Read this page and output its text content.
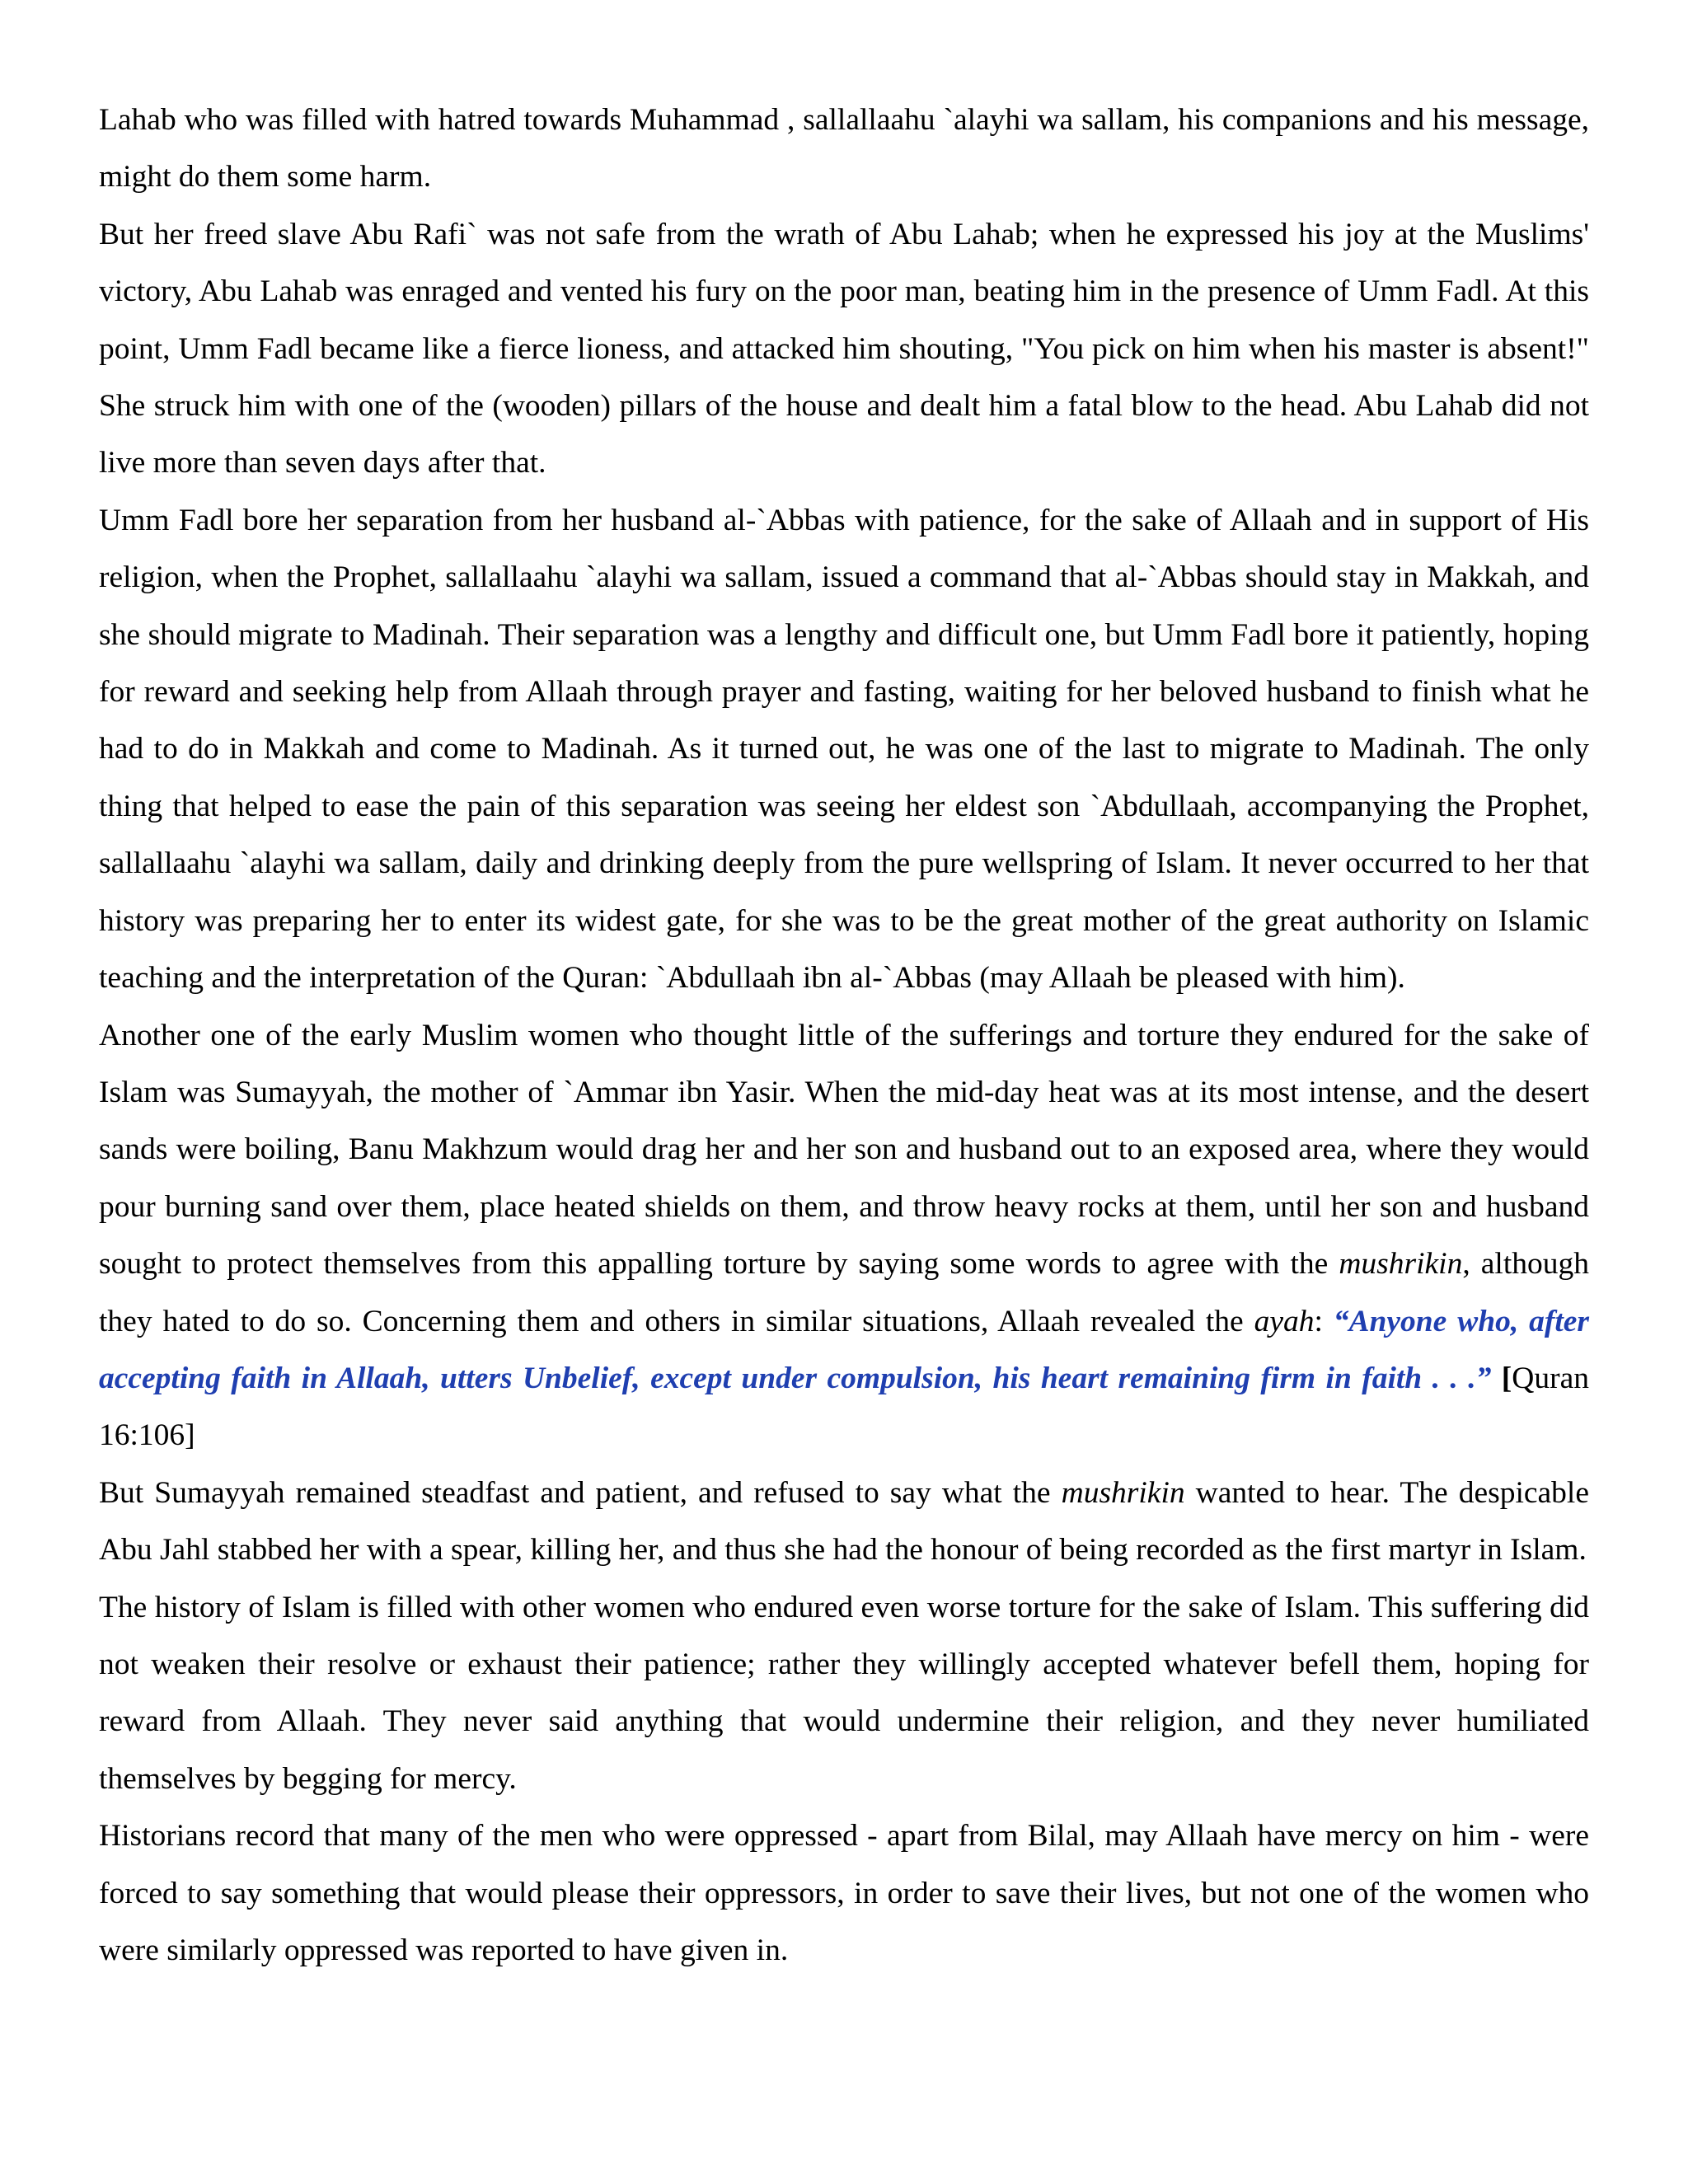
Lahab who was filled with hatred towards Muhammad , sallallaahu `alayhi wa sallam, his companions and his message, might do them some harm.

But her freed slave Abu Rafi` was not safe from the wrath of Abu Lahab; when he expressed his joy at the Muslims' victory, Abu Lahab was enraged and vented his fury on the poor man, beating him in the presence of Umm Fadl. At this point, Umm Fadl became like a fierce lioness, and attacked him shouting, "You pick on him when his master is absent!" She struck him with one of the (wooden) pillars of the house and dealt him a fatal blow to the head. Abu Lahab did not live more than seven days after that.

Umm Fadl bore her separation from her husband al-`Abbas with patience, for the sake of Allaah and in support of His religion, when the Prophet, sallallaahu `alayhi wa sallam, issued a command that al-`Abbas should stay in Makkah, and she should migrate to Madinah. Their separation was a lengthy and difficult one, but Umm Fadl bore it patiently, hoping for reward and seeking help from Allaah through prayer and fasting, waiting for her beloved husband to finish what he had to do in Makkah and come to Madinah. As it turned out, he was one of the last to migrate to Madinah. The only thing that helped to ease the pain of this separation was seeing her eldest son `Abdullaah, accompanying the Prophet, sallallaahu `alayhi wa sallam, daily and drinking deeply from the pure wellspring of Islam. It never occurred to her that history was preparing her to enter its widest gate, for she was to be the great mother of the great authority on Islamic teaching and the interpretation of the Quran: `Abdullaah ibn al-`Abbas (may Allaah be pleased with him).

Another one of the early Muslim women who thought little of the sufferings and torture they endured for the sake of Islam was Sumayyah, the mother of `Ammar ibn Yasir. When the mid-day heat was at its most intense, and the desert sands were boiling, Banu Makhzum would drag her and her son and husband out to an exposed area, where they would pour burning sand over them, place heated shields on them, and throw heavy rocks at them, until her son and husband sought to protect themselves from this appalling torture by saying some words to agree with the mushrikin, although they hated to do so. Concerning them and others in similar situations, Allaah revealed the ayah: “Anyone who, after accepting faith in Allaah, utters Unbelief, except under compulsion, his heart remaining firm in faith . . .” [Quran 16:106]

But Sumayyah remained steadfast and patient, and refused to say what the mushrikin wanted to hear. The despicable Abu Jahl stabbed her with a spear, killing her, and thus she had the honour of being recorded as the first martyr in Islam.

The history of Islam is filled with other women who endured even worse torture for the sake of Islam. This suffering did not weaken their resolve or exhaust their patience; rather they willingly accepted whatever befell them, hoping for reward from Allaah. They never said anything that would undermine their religion, and they never humiliated themselves by begging for mercy.

Historians record that many of the men who were oppressed - apart from Bilal, may Allaah have mercy on him - were forced to say something that would please their oppressors, in order to save their lives, but not one of the women who were similarly oppressed was reported to have given in.
